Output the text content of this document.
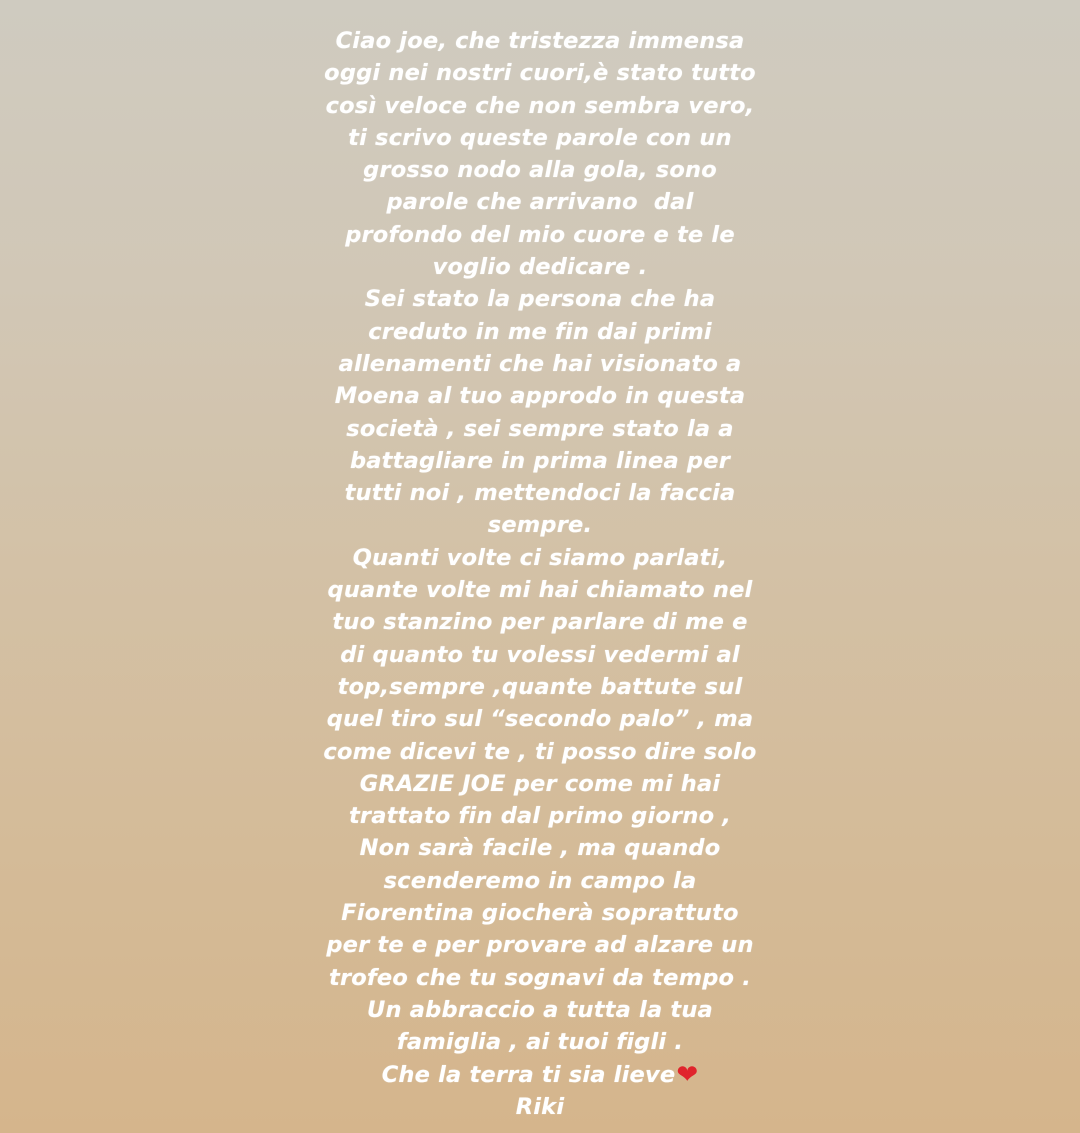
Ciao joe, che tristezza immensa
oggi nei nostri cuori,è stato tutto
così veloce che non sembra vero,
ti scrivo queste parole con un
grosso nodo alla gola, sono
parole che arrivano  dal
profondo del mio cuore e te le
voglio dedicare .
Sei stato la persona che ha
creduto in me fin dai primi
allenamenti che hai visionato a
Moena al tuo approdo in questa
società , sei sempre stato la a
battagliare in prima linea per
tutti noi , mettendoci la faccia
sempre.
Quanti volte ci siamo parlati,
quante volte mi hai chiamato nel
tuo stanzino per parlare di me e
di quanto tu volessi vedermi al
top,sempre ,quante battute sul
quel tiro sul “secondo palo” , ma
come dicevi te , ti posso dire solo
GRAZIE JOE per come mi hai
trattato fin dal primo giorno ,
Non sarà facile , ma quando
scenderemo in campo la
Fiorentina giocherà soprattuto
per te e per provare ad alzare un
trofeo che tu sognavi da tempo .
Un abbraccio a tutta la tua
famiglia , ai tuoi figli .
Che la terra ti sia lieve❤
Riki
